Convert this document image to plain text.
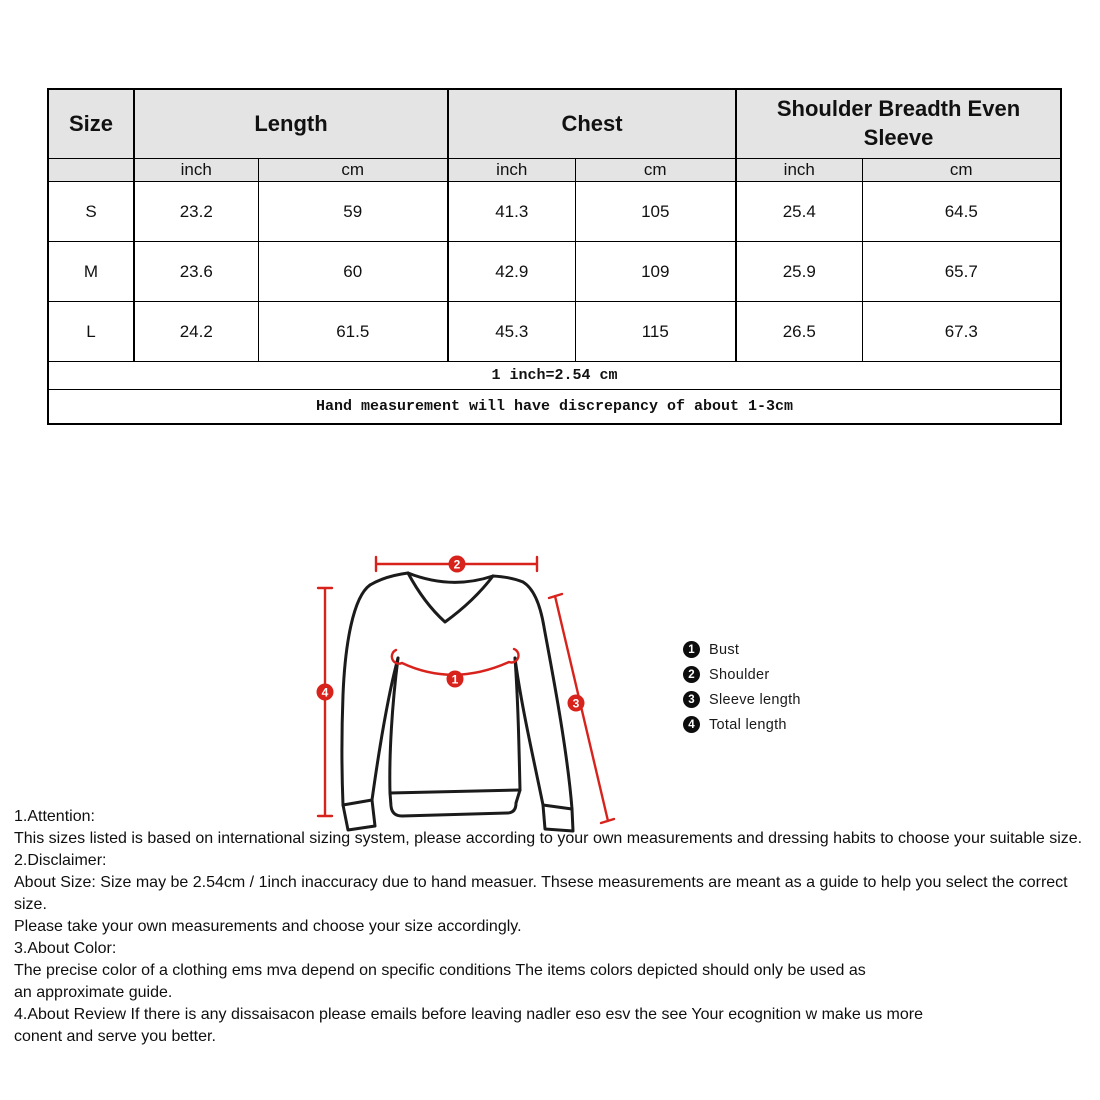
Size	Length		Chest		Shoulder Breadth Even Sleeve	
	inch	cm	inch	cm	inch	cm
S	23.2	59	41.3	105	25.4	64.5
M	23.6	60	42.9	109	25.9	65.7
L	24.2	61.5	45.3	115	26.5	67.3
1 inch=2.54 cm						
Hand measurement will have discrepancy of about 1-3cm						
2
4
3
1
1 Bust
2 Shoulder
3 Sleeve length
4 Total length

1.Attention:

This sizes listed is based on international sizing system, please according to your own measurements and dressing habits to choose your suitable size.

2.Disclaimer:

About Size: Size may be 2.54cm / 1inch inaccuracy due to hand measuer. Thsese measurements are meant as a guide to help you select the correct size.

Please take your own measurements and choose your size accordingly.

3.About Color:

The precise color of a clothing ems mva depend on specific conditions The items colors depicted should only be used as

an approximate guide.

4.About Review If there is any dissaisacon please emails before leaving nadler eso esv the see Your ecognition w make us more

conent and serve you better.
